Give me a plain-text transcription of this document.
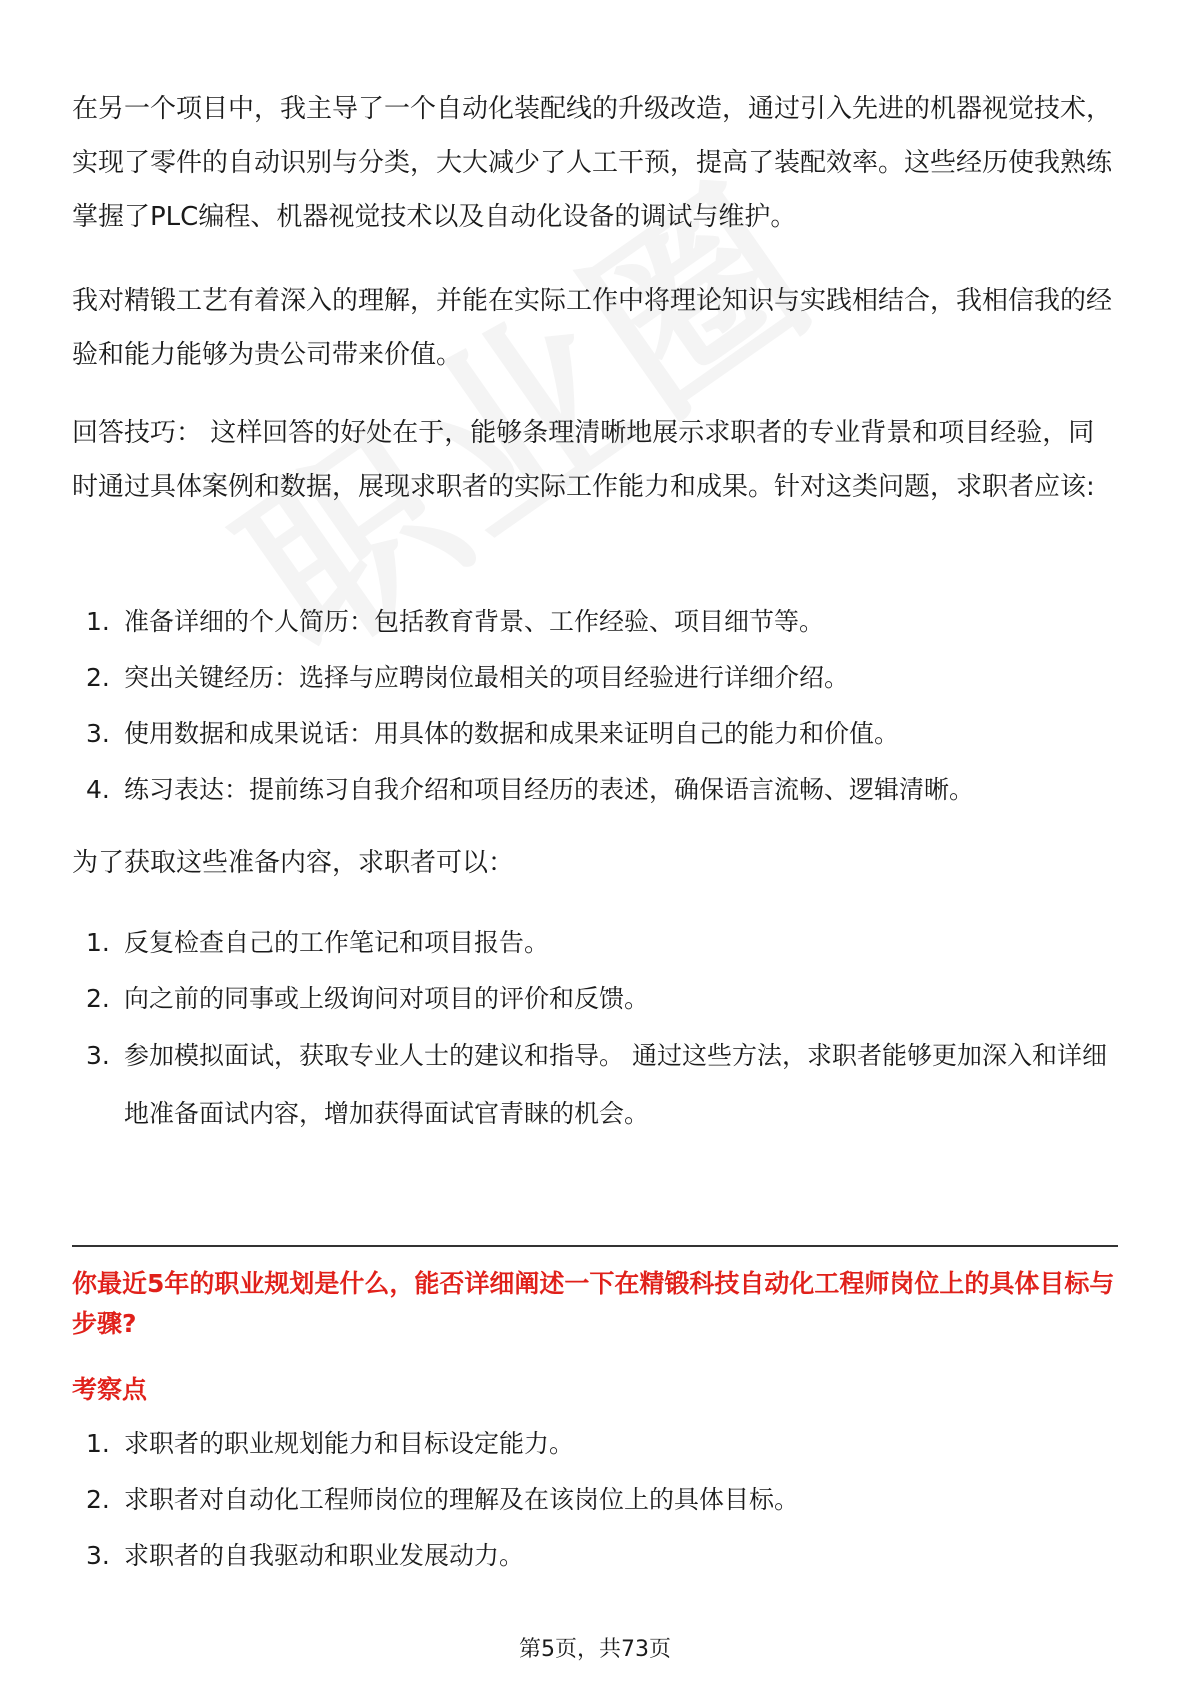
在另一个项目中，我主导了一个自动化装配线的升级改造，通过引入先进的机器视觉技术，实现了零件的自动识别与分类，大大减少了人工干预，提高了装配效率。这些经历使我熟练掌握了PLC编程、机器视觉技术以及自动化设备的调试与维护。

我对精锻工艺有着深入的理解，并能在实际工作中将理论知识与实践相结合，我相信我的经验和能力能够为贵公司带来价值。

回答技巧： 这样回答的好处在于，能够条理清晰地展示求职者的专业背景和项目经验，同时通过具体案例和数据，展现求职者的实际工作能力和成果。针对这类问题，求职者应该:

1. 准备详细的个人简历：包括教育背景、工作经验、项目细节等。
2. 突出关键经历：选择与应聘岗位最相关的项目经验进行详细介绍。
3. 使用数据和成果说话：用具体的数据和成果来证明自己的能力和价值。
4. 练习表达：提前练习自我介绍和项目经历的表述，确保语言流畅、逻辑清晰。

为了获取这些准备内容，求职者可以：

1. 反复检查自己的工作笔记和项目报告。
2. 向之前的同事或上级询问对项目的评价和反馈。
3. 参加模拟面试，获取专业人士的建议和指导。 通过这些方法，求职者能够更加深入和详细地准备面试内容，增加获得面试官青睐的机会。

你最近5年的职业规划是什么，能否详细阐述一下在精锻科技自动化工程师岗位上的具体目标与步骤?

考察点

1. 求职者的职业规划能力和目标设定能力。
2. 求职者对自动化工程师岗位的理解及在该岗位上的具体目标。
3. 求职者的自我驱动和职业发展动力。
第5页，共73页
